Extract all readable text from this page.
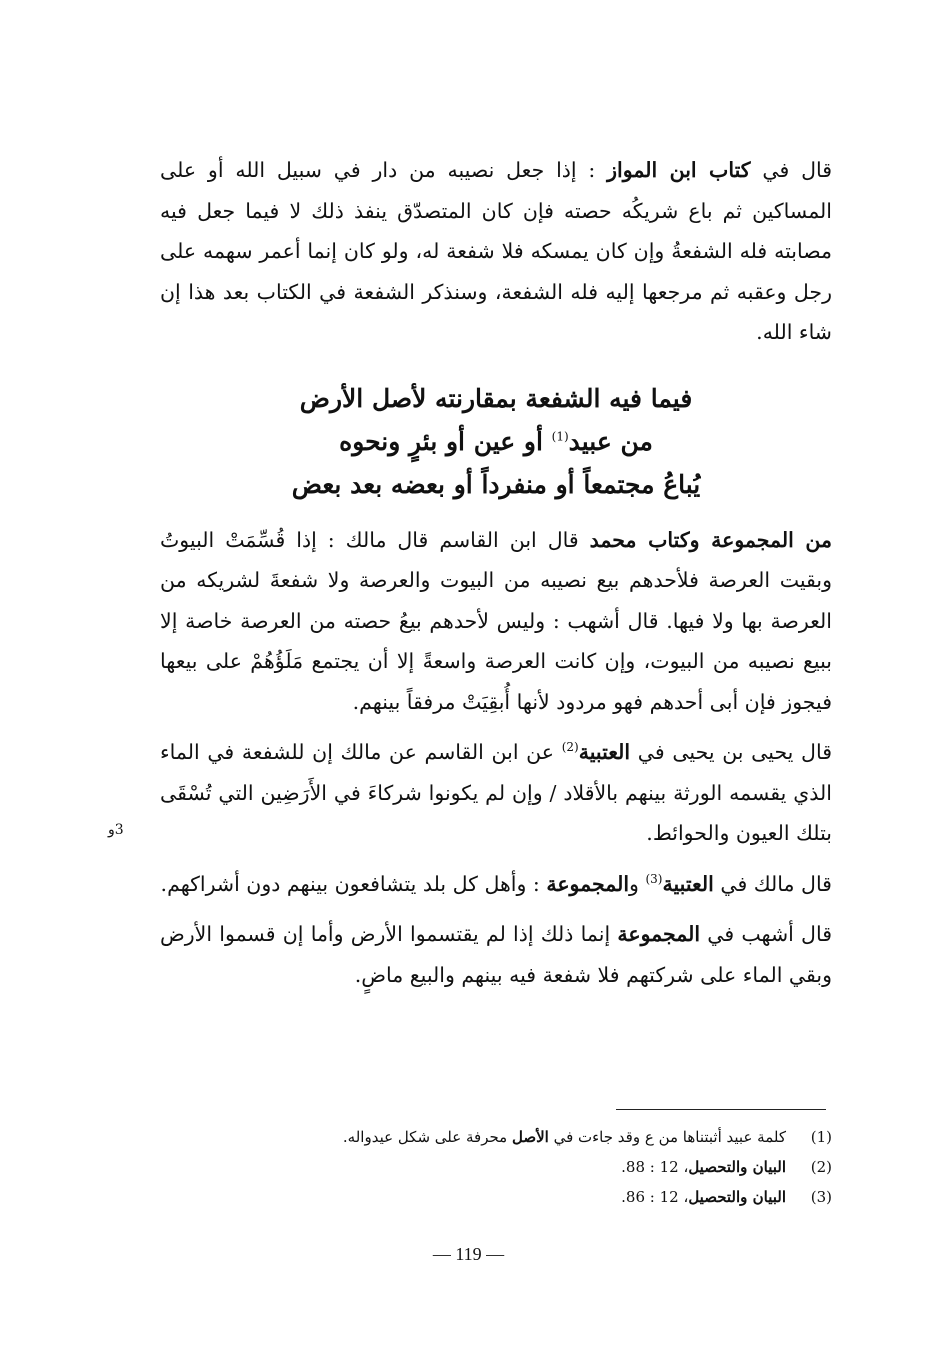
قال في كتاب ابن المواز : إذا جعل نصيبه من دار في سبيل الله أو على المساكين ثم باع شريكُه حصته فإن كان المتصدّق ينفذ ذلك لا فيما جعل فيه مصابته فله الشفعةُ وإن كان يمسكه فلا شفعة له، ولو كان إنما أعمر سهمه على رجل وعقبه ثم مرجعها إليه فله الشفعة، وسنذكر الشفعة في الكتاب بعد هذا إن شاء الله.

فيما فيه الشفعة بمقارنته لأصل الأرض
من عبيد$^{(1)}$ أو عين أو بئرٍ ونحوه
يُباعُ مجتمعاً أو منفرداً أو بعضه بعد بعض

من المجموعة وكتاب محمد قال ابن القاسم قال مالك : إذا قُسِّمَتْ البيوتُ وبقيت العرصة فلأحدهم بيع نصيبه من البيوت والعرصة ولا شفعةَ لشريكه من العرصة بها ولا فيها. قال أشهب : وليس لأحدهم بيعُ حصته من العرصة خاصة إلا ببيع نصيبه من البيوت، وإن كانت العرصة واسعةً إلا أن يجتمع مَلَؤُهُمْ على بيعها فيجوز فإن أبى أحدهم فهو مردود لأنها أُبقِيَتْ مرفقاً بينهم.

قال يحيى بن يحيى في العتبية$^{(2)}$ عن ابن القاسم عن مالك إن للشفعة في الماء الذي يقسمه الورثة بينهم بالأقلاد / وإن لم يكونوا شركاءَ في الأَرَضِين التي تُسْقَى بتلك العيون والحوائط.

قال مالك في العتبية$^{(3)}$ والمجموعة : وأهل كل بلد يتشافعون بينهم دون أشراكهم.

قال أشهب في المجموعة إنما ذلك إذا لم يقتسموا الأرض وأما إن قسموا الأرض وبقي الماء على شركتهم فلا شفعة فيه بينهم والبيع ماضٍ.

3و
(1)
كلمة عبيد أثبتناها من ع وقد جاءت في الأصل محرفة على شكل عيدواله.
(2)
البيان والتحصيل، 12 : 88.
(3)
البيان والتحصيل، 12 : 86.
— 119 —
